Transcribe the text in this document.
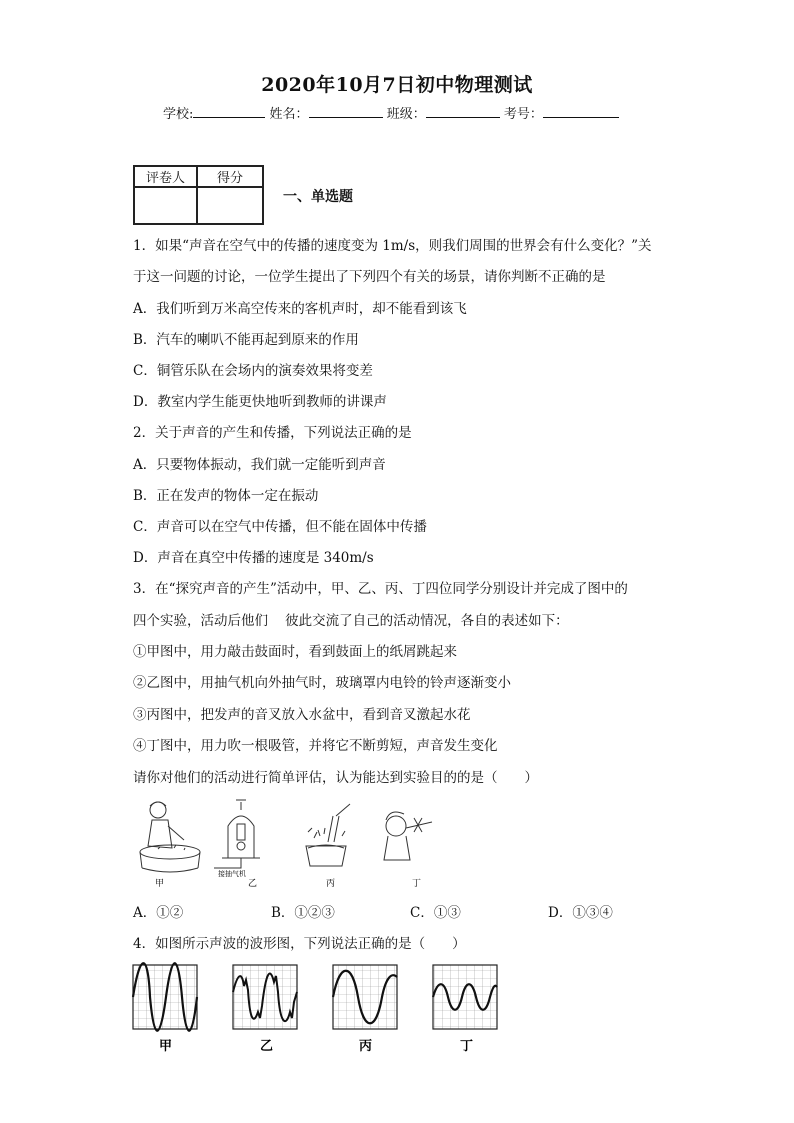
2020年10月7日初中物理测试
学校:	姓名：	班级：	考号：
评卷人	得分

一、单选题
1．如果“声音在空气中的传播的速度变为 1m/s，则我们周围的世界会有什么变化？”关
于这一问题的讨论，一位学生提出了下列四个有关的场景，请你判断不正确的是
A．我们听到万米高空传来的客机声时，却不能看到该飞
B．汽车的喇叭不能再起到原来的作用
C．铜管乐队在会场内的演奏效果将变差
D．教室内学生能更快地听到教师的讲课声
2．关于声音的产生和传播，下列说法正确的是
A．只要物体振动，我们就一定能听到声音
B．正在发声的物体一定在振动
C．声音可以在空气中传播，但不能在固体中传播
D．声音在真空中传播的速度是 340m/s
3．在“探究声音的产生”活动中，甲、乙、丙、丁四位同学分别设计并完成了图中的
四个实验，活动后他们    彼此交流了自己的活动情况，各自的表述如下：
①甲图中，用力敲击鼓面时，看到鼓面上的纸屑跳起来
②乙图中，用抽气机向外抽气时，玻璃罩内电铃的铃声逐渐变小
③丙图中，把发声的音叉放入水盆中，看到音叉激起水花
④丁图中，用力吹一根吸管，并将它不断剪短，声音发生变化
请你对他们的活动进行简单评估，认为能达到实验目的的是（　　）
甲	乙	丙	丁
接抽气机
A．①②	B．①②③	C．①③	D．①③④
4．如图所示声波的波形图，下列说法正确的是（　　）
甲	乙	丙	丁
